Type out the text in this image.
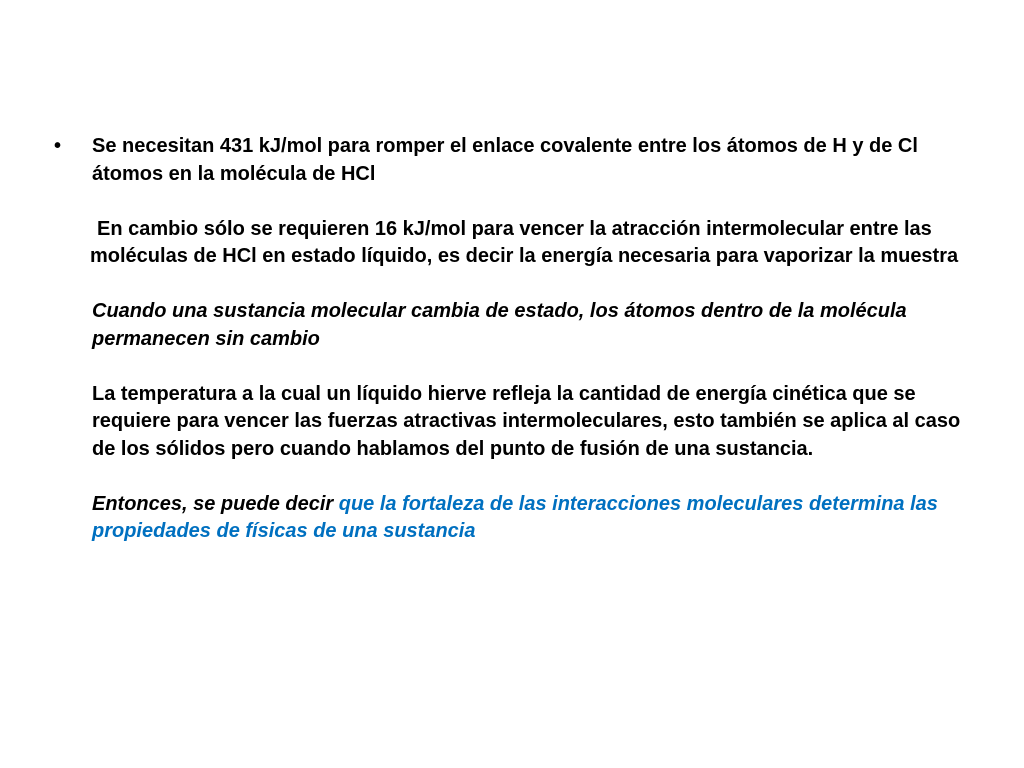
• Se necesitan 431 kJ/mol para romper el enlace covalente entre los átomos de H y de Cl átomos en la molécula de HCl

En cambio sólo se requieren 16 kJ/mol para vencer la atracción intermolecular entre las moléculas de HCl en estado líquido, es decir la energía necesaria para vaporizar la muestra

Cuando una sustancia molecular cambia de estado, los átomos dentro de la molécula permanecen sin cambio

La temperatura a la cual un líquido hierve refleja la cantidad de energía cinética que se requiere para vencer las fuerzas atractivas intermoleculares, esto también se aplica al caso de los sólidos pero cuando hablamos del punto de fusión de una sustancia.

Entonces, se puede decir que la fortaleza de las interacciones moleculares determina las propiedades de físicas de una sustancia
